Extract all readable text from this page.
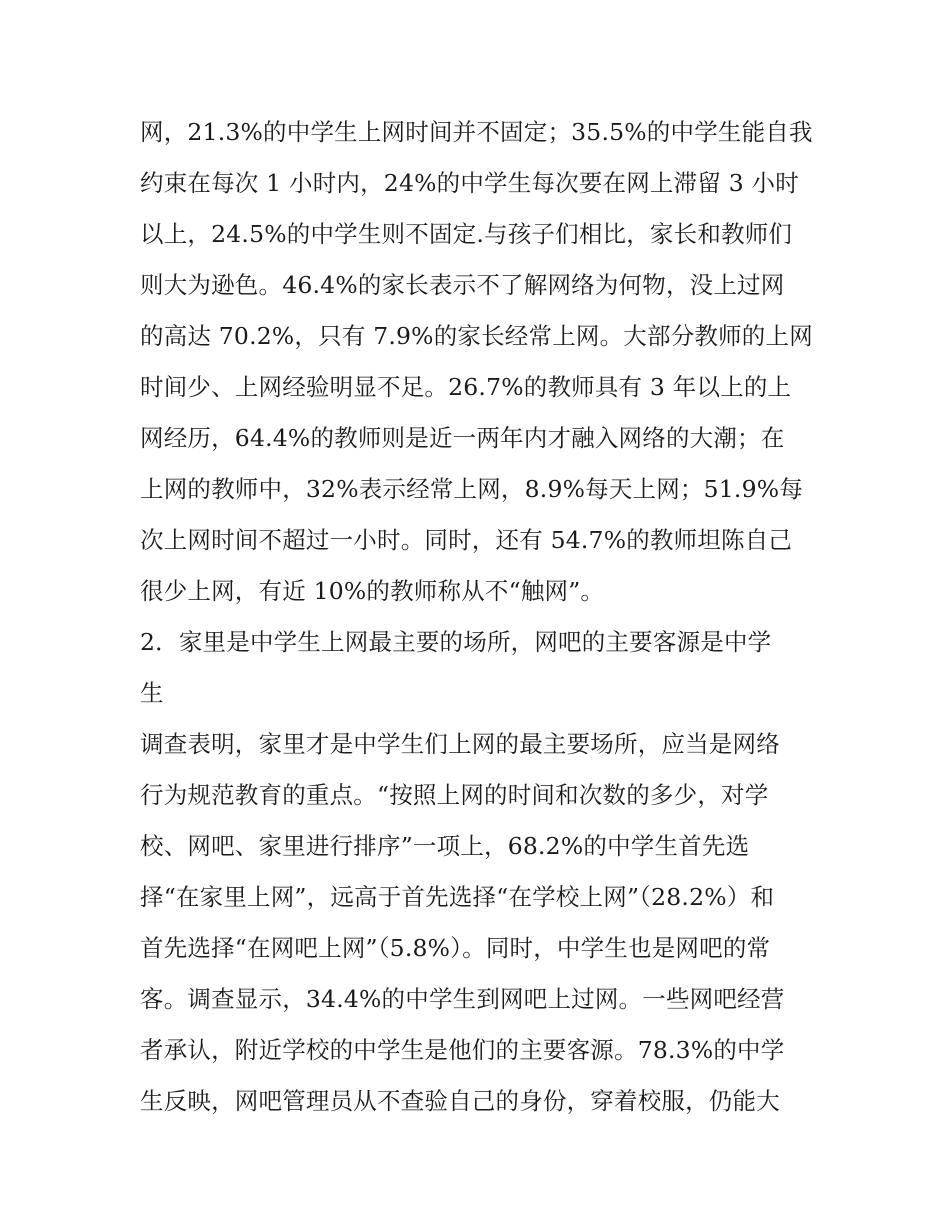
网，21.3%的中学生上网时间并不固定；35.5%的中学生能自我
约束在每次 1 小时内，24%的中学生每次要在网上滞留 3 小时
以上，24.5%的中学生则不固定.与孩子们相比，家长和教师们
则大为逊色。46.4%的家长表示不了解网络为何物，没上过网
的高达 70.2%，只有 7.9%的家长经常上网。大部分教师的上网
时间少、上网经验明显不足。26.7%的教师具有 3 年以上的上
网经历，64.4%的教师则是近一两年内才融入网络的大潮；在
上网的教师中，32%表示经常上网，8.9%每天上网；51.9%每
次上网时间不超过一小时。同时，还有 54.7%的教师坦陈自己
很少上网，有近 10%的教师称从不“触网”。
2．家里是中学生上网最主要的场所，网吧的主要客源是中学
生
调查表明，家里才是中学生们上网的最主要场所，应当是网络
行为规范教育的重点。“按照上网的时间和次数的多少，对学
校、网吧、家里进行排序”一项上，68.2%的中学生首先选
择“在家里上网”，远高于首先选择“在学校上网”（28.2%）和
首先选择“在网吧上网”（5.8%）。同时，中学生也是网吧的常
客。调查显示，34.4%的中学生到网吧上过网。一些网吧经营
者承认，附近学校的中学生是他们的主要客源。78.3%的中学
生反映，网吧管理员从不查验自己的身份，穿着校服，仍能大
